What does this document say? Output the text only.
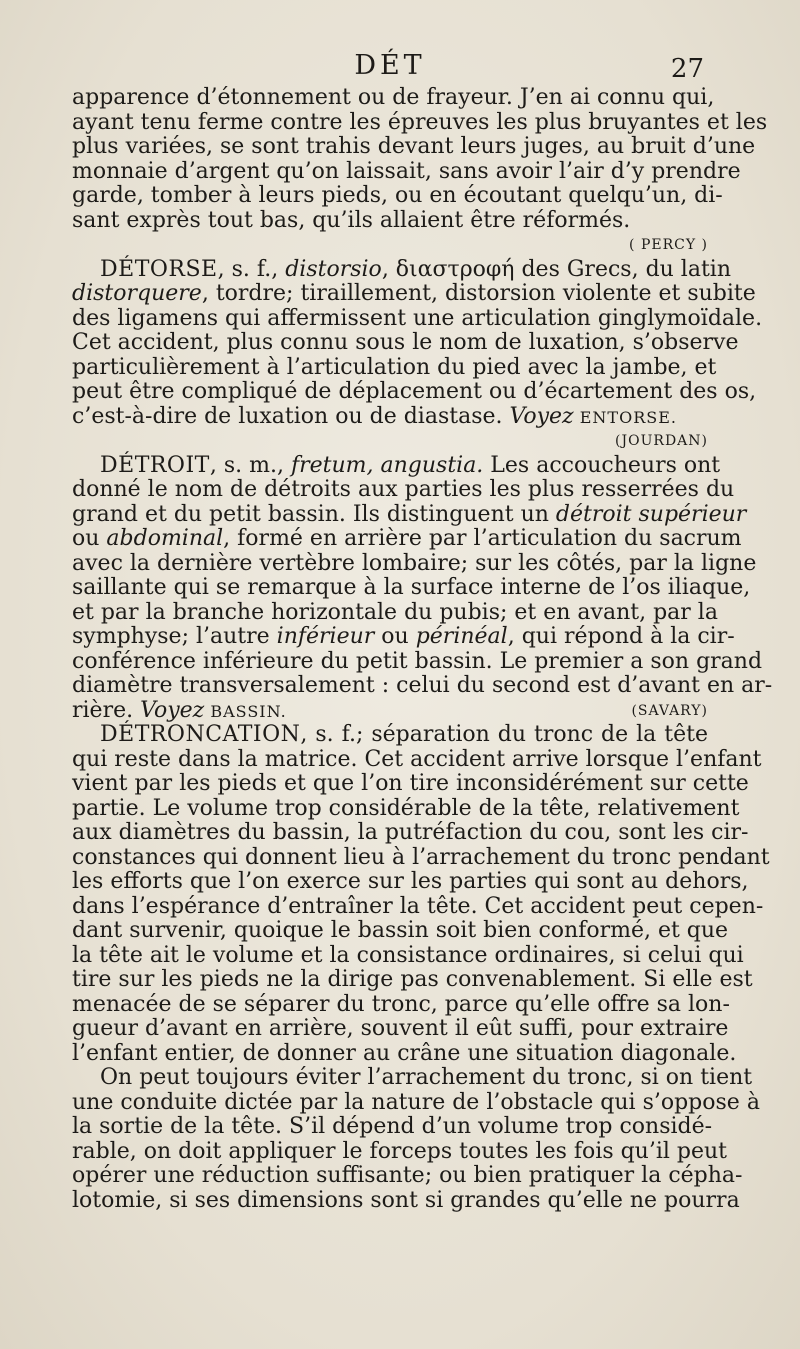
DÉT	27
apparence d’étonnement ou de frayeur. J’en ai connu qui,
ayant tenu ferme contre les épreuves les plus bruyantes et les
plus variées, se sont trahis devant leurs juges, au bruit d’une
monnaie d’argent qu’on laissait, sans avoir l’air d’y prendre
garde, tomber à leurs pieds, ou en écoutant quelqu’un, di-
sant exprès tout bas, qu’ils allaient être réformés.
( PERCY )
DÉTORSE, s. f., distorsio, διαστροφή des Grecs, du latin
distorquere, tordre; tiraillement, distorsion violente et subite
des ligamens qui affermissent une articulation ginglymoïdale.
Cet accident, plus connu sous le nom de luxation, s’observe
particulièrement à l’articulation du pied avec la jambe, et
peut être compliqué de déplacement ou d’écartement des os,
c’est-à-dire de luxation ou de diastase. Voyez ENTORSE.
(JOURDAN)
DÉTROIT, s. m., fretum, angustia. Les accoucheurs ont
donné le nom de détroits aux parties les plus resserrées du
grand et du petit bassin. Ils distinguent un détroit supérieur
ou abdominal, formé en arrière par l’articulation du sacrum
avec la dernière vertèbre lombaire; sur les côtés, par la ligne
saillante qui se remarque à la surface interne de l’os iliaque,
et par la branche horizontale du pubis; et en avant, par la
symphyse; l’autre inférieur ou périnéal, qui répond à la cir-
conférence inférieure du petit bassin. Le premier a son grand
diamètre transversalement : celui du second est d’avant en ar-
rière. Voyez BASSIN.	(SAVARY)
DÉTRONCATION, s. f.; séparation du tronc de la tête
qui reste dans la matrice. Cet accident arrive lorsque l’enfant
vient par les pieds et que l’on tire inconsidérément sur cette
partie. Le volume trop considérable de la tête, relativement
aux diamètres du bassin, la putréfaction du cou, sont les cir-
constances qui donnent lieu à l’arrachement du tronc pendant
les efforts que l’on exerce sur les parties qui sont au dehors,
dans l’espérance d’entraîner la tête. Cet accident peut cepen-
dant survenir, quoique le bassin soit bien conformé, et que
la tête ait le volume et la consistance ordinaires, si celui qui
tire sur les pieds ne la dirige pas convenablement. Si elle est
menacée de se séparer du tronc, parce qu’elle offre sa lon-
gueur d’avant en arrière, souvent il eût suffi, pour extraire
l’enfant entier, de donner au crâne une situation diagonale.
On peut toujours éviter l’arrachement du tronc, si on tient
une conduite dictée par la nature de l’obstacle qui s’oppose à
la sortie de la tête. S’il dépend d’un volume trop considé-
rable, on doit appliquer le forceps toutes les fois qu’il peut
opérer une réduction suffisante; ou bien pratiquer la cépha-
lotomie, si ses dimensions sont si grandes qu’elle ne pourra
